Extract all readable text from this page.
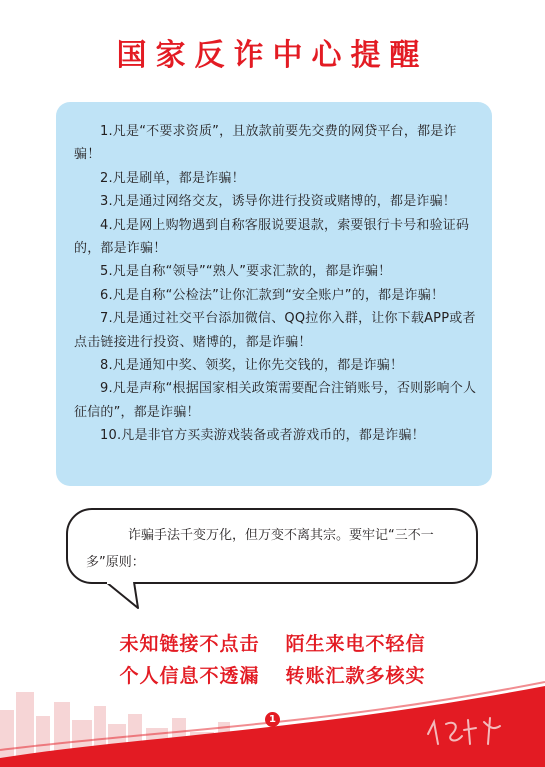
国家反诈中心提醒
1.凡是“不要求资质”，且放款前要先交费的网贷平台，都是诈骗！
2.凡是刷单，都是诈骗！
3.凡是通过网络交友，诱导你进行投资或赌博的，都是诈骗！
4.凡是网上购物遇到自称客服说要退款，索要银行卡号和验证码的，都是诈骗！
5.凡是自称“领导”“熟人”要求汇款的，都是诈骗！
6.凡是自称“公检法”让你汇款到“安全账户”的，都是诈骗！
7.凡是通过社交平台添加微信、QQ拉你入群，让你下载APP或者点击链接进行投资、赌博的，都是诈骗！
8.凡是通知中奖、领奖，让你先交钱的，都是诈骗！
9.凡是声称“根据国家相关政策需要配合注销账号，否则影响个人征信的”，都是诈骗！
10.凡是非官方买卖游戏装备或者游戏币的，都是诈骗！
诈骗手法千变万化，但万变不离其宗。要牢记“三不一多”原则：
未知链接不点击 陌生来电不轻信
个人信息不透漏 转账汇款多核实
1
